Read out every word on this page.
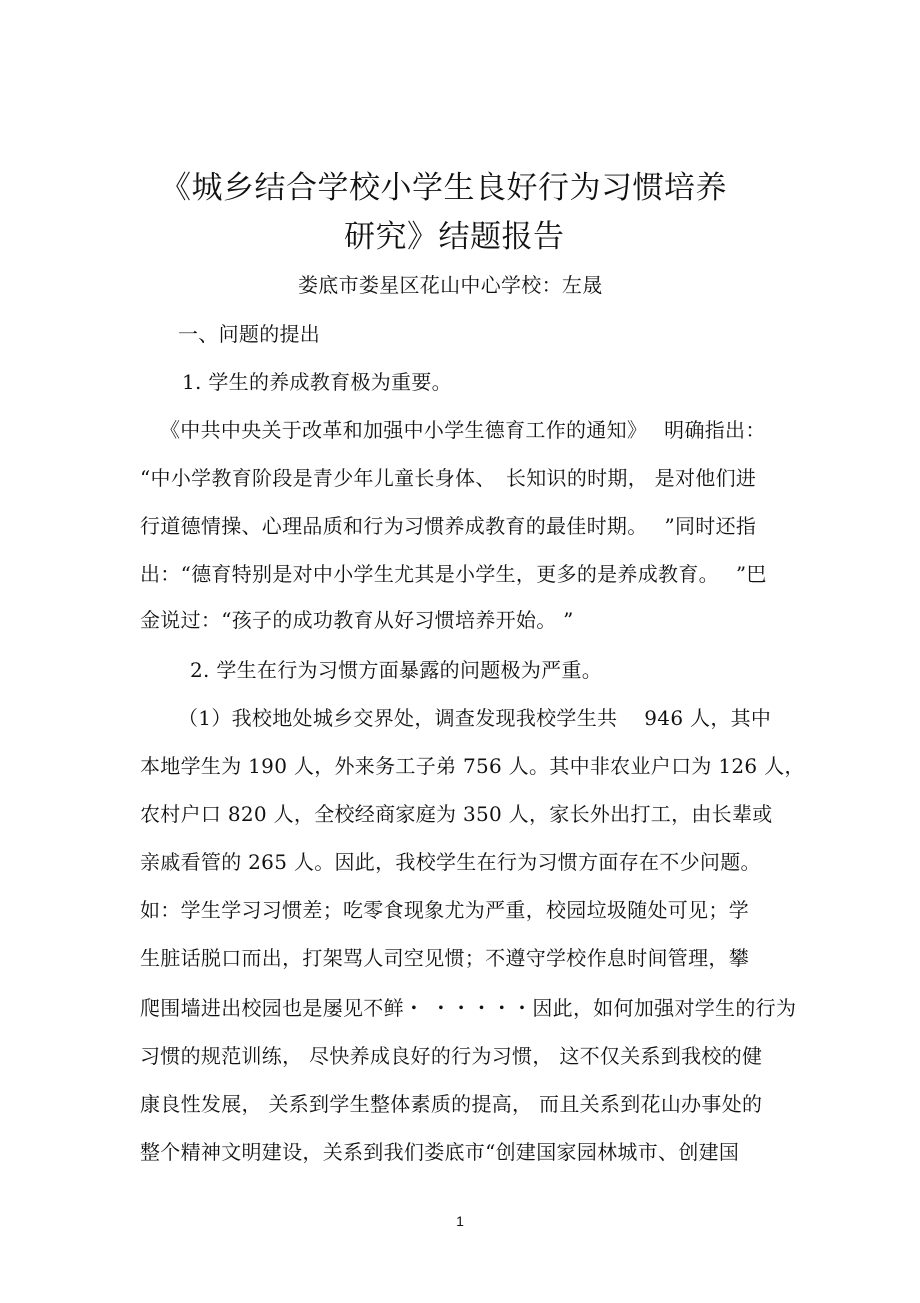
《城乡结合学校小学生良好行为习惯培养
研究》结题报告
娄底市娄星区花山中心学校：左晟
一、问题的提出
1. 学生的养成教育极为重要。
《中共中央关于改革和加强中小学生德育工作的通知》　 明确指出：
“中小学教育阶段是青少年儿童长身体、　长知识的时期， 是对他们进
行道德情操、心理品质和行为习惯养成教育的最佳时期。　 ”同时还指
出：“德育特别是对中小学生尤其是小学生，更多的是养成教育。　 ”巴
金说过：“孩子的成功教育从好习惯培养开始。 ”
2. 学生在行为习惯方面暴露的问题极为严重。
（1）我校地处城乡交界处，调查发现我校学生共　 946 人，其中
本地学生为 190 人，外来务工子弟 756 人。其中非农业户口为 126 人，
农村户口 820 人，全校经商家庭为 350 人，家长外出打工，由长辈或
亲戚看管的 265 人。因此，我校学生在行为习惯方面存在不少问题。
如：学生学习习惯差；吃零食现象尤为严重，校园垃圾随处可见；学
生脏话脱口而出，打架骂人司空见惯；不遵守学校作息时间管理，攀
爬围墙进出校园也是屡见不鲜・ ・・・・・因此，如何加强对学生的行为
习惯的规范训练， 尽快养成良好的行为习惯， 这不仅关系到我校的健
康良性发展， 关系到学生整体素质的提高， 而且关系到花山办事处的
整个精神文明建设，关系到我们娄底市“创建国家园林城市、创建国
1
